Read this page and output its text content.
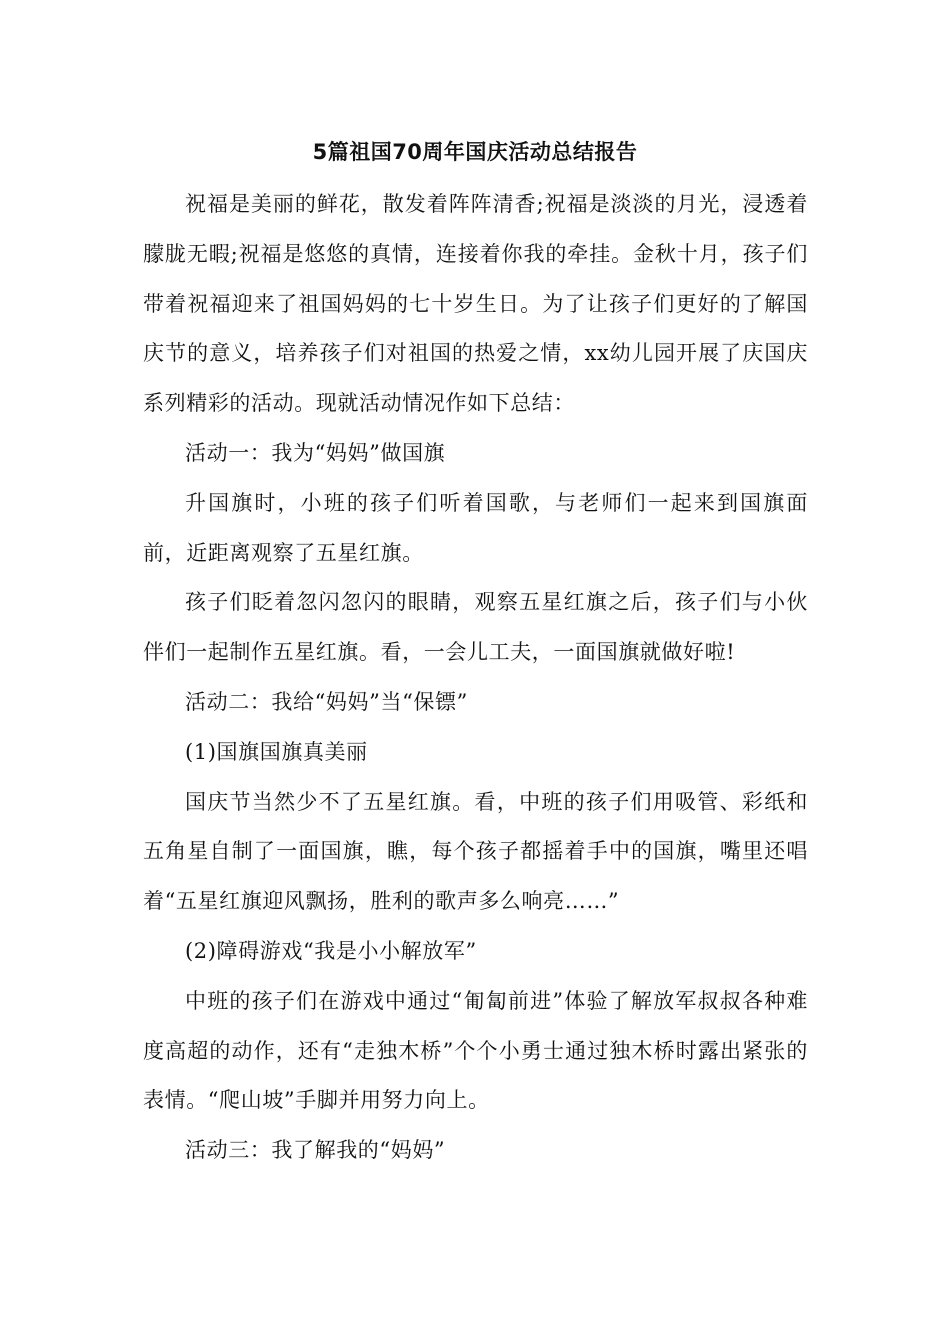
5篇祖国70周年国庆活动总结报告

祝福是美丽的鲜花，散发着阵阵清香;祝福是淡淡的月光，浸透着朦胧无暇;祝福是悠悠的真情，连接着你我的牵挂。金秋十月，孩子们带着祝福迎来了祖国妈妈的七十岁生日。为了让孩子们更好的了解国庆节的意义，培养孩子们对祖国的热爱之情，xx幼儿园开展了庆国庆系列精彩的活动。现就活动情况作如下总结：

活动一：我为“妈妈”做国旗

升国旗时，小班的孩子们听着国歌，与老师们一起来到国旗面前，近距离观察了五星红旗。

孩子们眨着忽闪忽闪的眼睛，观察五星红旗之后，孩子们与小伙伴们一起制作五星红旗。看，一会儿工夫，一面国旗就做好啦!

活动二：我给“妈妈”当“保镖”

(1)国旗国旗真美丽

国庆节当然少不了五星红旗。看，中班的孩子们用吸管、彩纸和五角星自制了一面国旗，瞧，每个孩子都摇着手中的国旗，嘴里还唱着“五星红旗迎风飘扬，胜利的歌声多么响亮……”

(2)障碍游戏“我是小小解放军”

中班的孩子们在游戏中通过“匍匐前进”体验了解放军叔叔各种难度高超的动作，还有“走独木桥”个个小勇士通过独木桥时露出紧张的表情。“爬山坡”手脚并用努力向上。

活动三：我了解我的“妈妈”
